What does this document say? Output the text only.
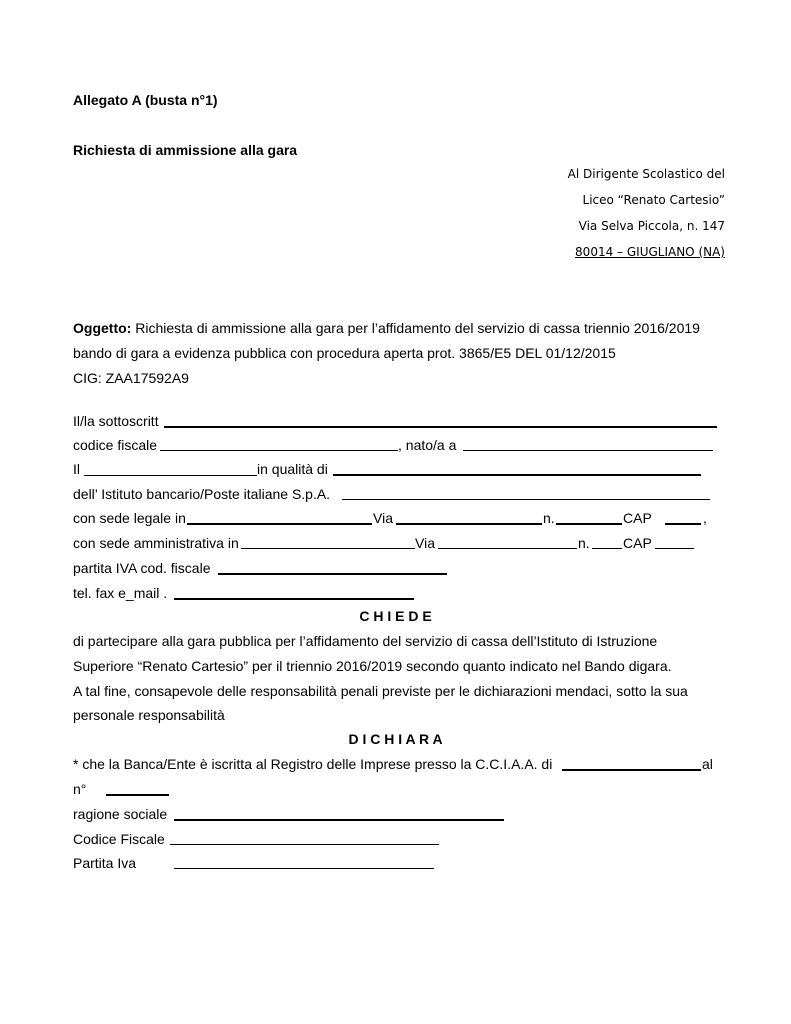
Allegato A (busta n°1)
Richiesta di ammissione alla gara
Al Dirigente Scolastico del
Liceo “Renato Cartesio”
Via Selva Piccola, n. 147
80014 – GIUGLIANO (NA)
Oggetto: Richiesta di ammissione alla gara per l’affidamento del servizio di cassa triennio 2016/2019
bando di gara a evidenza pubblica con procedura aperta prot. 3865/E5 DEL 01/12/2015
CIG: ZAA17592A9
Il/la sottoscritt
codice fiscale	, nato/a a
Il	in qualità di
dell’ Istituto bancario/Poste italiane S.p.A.
con sede legale in	Via	n.	CAP	,
con sede amministrativa in	Via	n. CAP
partita IVA cod. fiscale
tel. fax e_mail .
C H I E D E
di partecipare alla gara pubblica per l’affidamento del servizio di cassa dell’Istituto di Istruzione
Superiore “Renato Cartesio” per il triennio 2016/2019 secondo quanto indicato nel Bando digara.
A tal fine, consapevole delle responsabilità penali previste per le dichiarazioni mendaci, sotto la sua
personale responsabilità
D I C H I A R A
* che la Banca/Ente è iscritta al Registro delle Imprese presso la C.C.I.A.A. di	al
n°
ragione sociale
Codice Fiscale
Partita Iva
